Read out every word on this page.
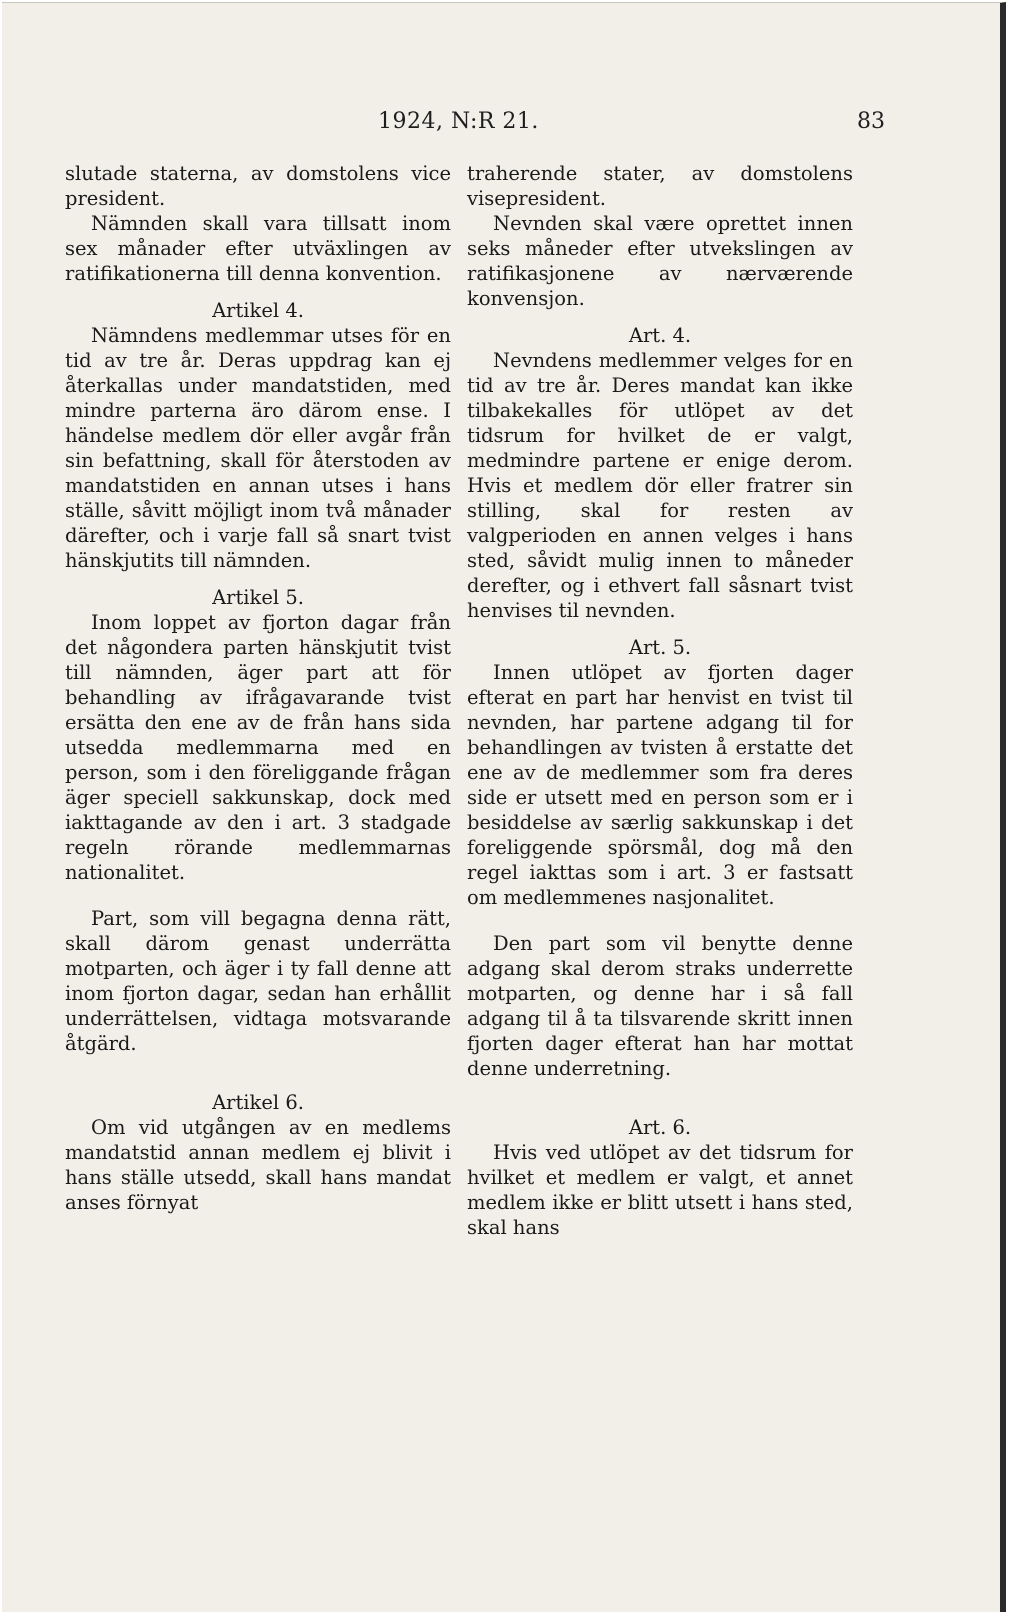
1924, N:R 21.	83

slutade staterna, av domstolens vice president.

Nämnden skall vara tillsatt inom sex månader efter utväxlingen av ratifikationerna till denna konvention.

Artikel 4.

Nämndens medlemmar utses för en tid av tre år. Deras uppdrag kan ej återkallas under mandatstiden, med mindre parterna äro därom ense. I händelse medlem dör eller avgår från sin befattning, skall för återstoden av mandatstiden en annan utses i hans ställe, såvitt möjligt inom två månader därefter, och i varje fall så snart tvist hänskjutits till nämnden.

Artikel 5.

Inom loppet av fjorton dagar från det någondera parten hänskjutit tvist till nämnden, äger part att för behandling av ifrågavarande tvist ersätta den ene av de från hans sida utsedda medlemmarna med en person, som i den föreliggande frågan äger speciell sakkunskap, dock med iakttagande av den i art. 3 stadgade regeln rörande medlemmarnas nationalitet.

Part, som vill begagna denna rätt, skall därom genast underrätta motparten, och äger i ty fall denne att inom fjorton dagar, sedan han erhållit underrättelsen, vidtaga motsvarande åtgärd.

Artikel 6.

Om vid utgången av en medlems mandatstid annan medlem ej blivit i hans ställe utsedd, skall hans mandat anses förnyat

traherende stater, av domstolens visepresident.

Nevnden skal være oprettet innen seks måneder efter utvekslingen av ratifikasjonene av nærværende konvensjon.

Art. 4.

Nevndens medlemmer velges for en tid av tre år. Deres mandat kan ikke tilbakekalles för utlöpet av det tidsrum for hvilket de er valgt, medmindre partene er enige derom. Hvis et medlem dör eller fratrer sin stilling, skal for resten av valgperioden en annen velges i hans sted, såvidt mulig innen to måneder derefter, og i ethvert fall såsnart tvist henvises til nevnden.

Art. 5.

Innen utlöpet av fjorten dager efterat en part har henvist en tvist til nevnden, har partene adgang til for behandlingen av tvisten å erstatte det ene av de medlemmer som fra deres side er utsett med en person som er i besiddelse av særlig sakkunskap i det foreliggende spörsmål, dog må den regel iakttas som i art. 3 er fastsatt om medlemmenes nasjonalitet.

Den part som vil benytte denne adgang skal derom straks underrette motparten, og denne har i så fall adgang til å ta tilsvarende skritt innen fjorten dager efterat han har mottat denne underretning.

Art. 6.

Hvis ved utlöpet av det tidsrum for hvilket et medlem er valgt, et annet medlem ikke er blitt utsett i hans sted, skal hans
